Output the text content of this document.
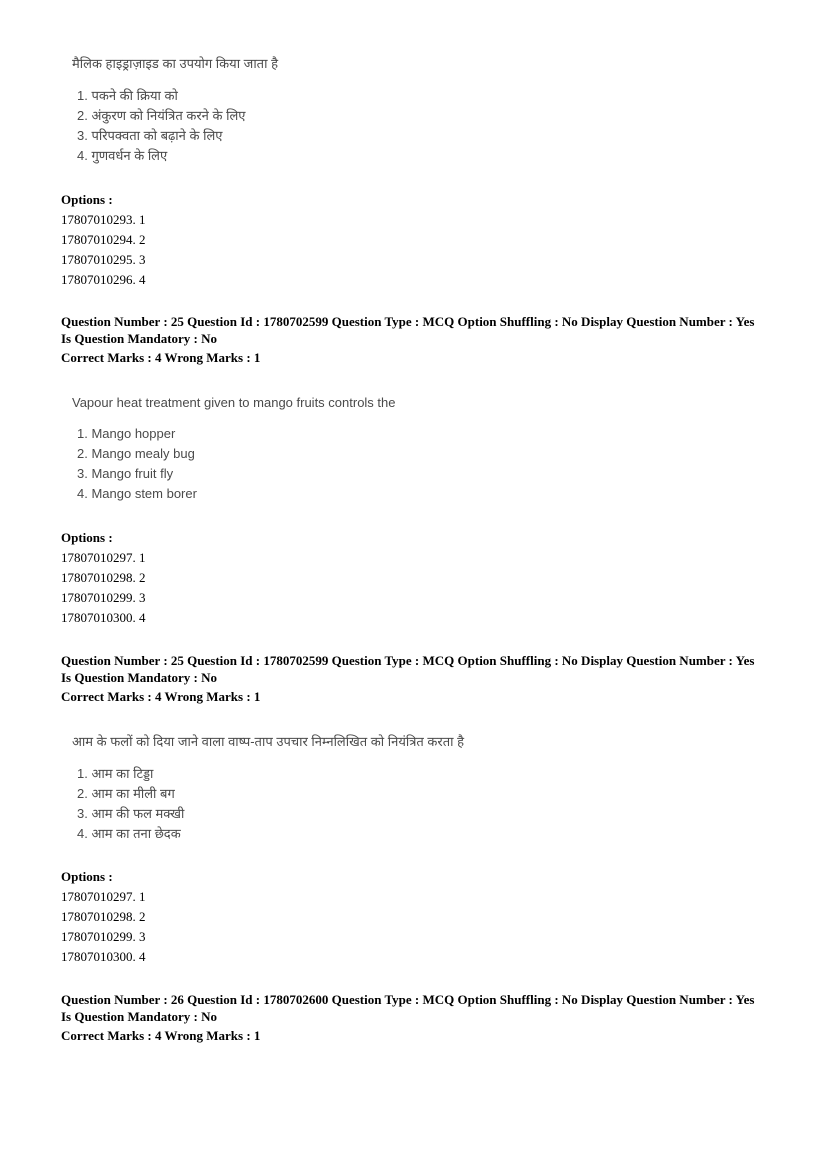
मैलिक हाइड्राज़ाइड का उपयोग किया जाता है
1. पकने की क्रिया को
2. अंकुरण को नियंत्रित करने के लिए
3. परिपक्वता को बढ़ाने के लिए
4. गुणवर्धन के लिए
Options :
17807010293. 1
17807010294. 2
17807010295. 3
17807010296. 4
Question Number : 25 Question Id : 1780702599 Question Type : MCQ Option Shuffling : No Display Question Number : Yes
Is Question Mandatory : No
Correct Marks : 4 Wrong Marks : 1
Vapour heat treatment given to mango fruits controls the
1. Mango hopper
2. Mango mealy bug
3. Mango fruit fly
4. Mango stem borer
Options :
17807010297. 1
17807010298. 2
17807010299. 3
17807010300. 4
Question Number : 25 Question Id : 1780702599 Question Type : MCQ Option Shuffling : No Display Question Number : Yes
Is Question Mandatory : No
Correct Marks : 4 Wrong Marks : 1
आम के फलों को दिया जाने वाला वाष्प-ताप उपचार निम्नलिखित को नियंत्रित करता है
1. आम का टिड्डा
2. आम का मीली बग
3. आम की फल मक्खी
4. आम का तना छेदक
Options :
17807010297. 1
17807010298. 2
17807010299. 3
17807010300. 4
Question Number : 26 Question Id : 1780702600 Question Type : MCQ Option Shuffling : No Display Question Number : Yes
Is Question Mandatory : No
Correct Marks : 4 Wrong Marks : 1
